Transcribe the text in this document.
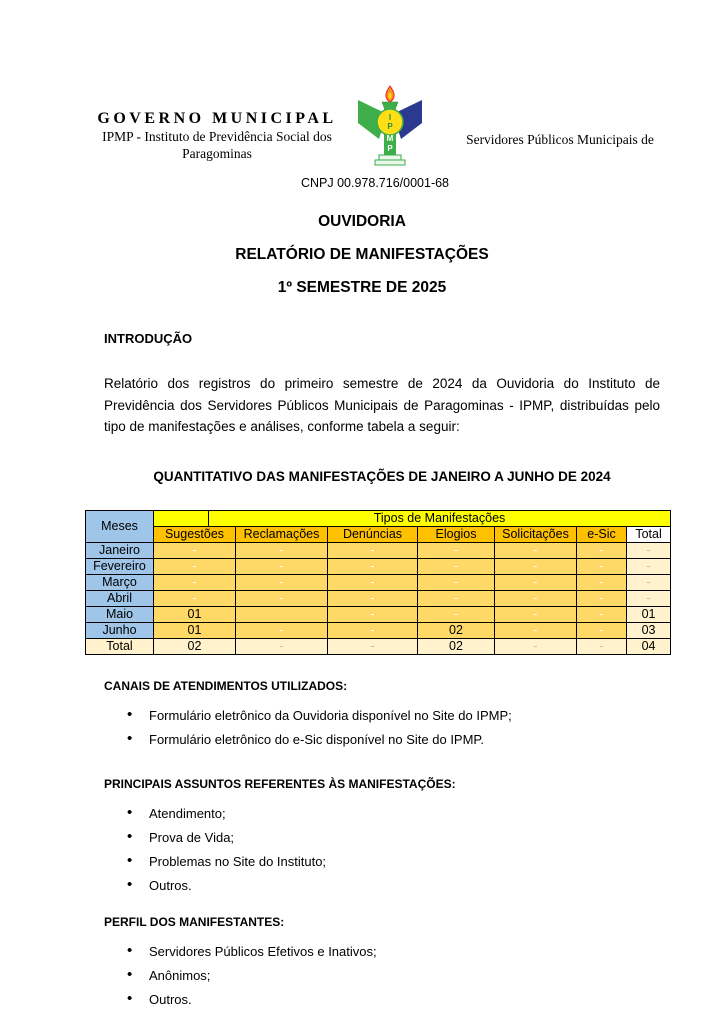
GOVERNO MUNICIPAL
IPMP - Instituto de Previdência Social dos
Paragominas
I
P
M
P
Servidores Públicos Municipais de
CNPJ 00.978.716/0001-68
OUVIDORIA
RELATÓRIO DE MANIFESTAÇÕES
1º SEMESTRE DE 2025
INTRODUÇÃO
Relatório dos registros do primeiro semestre de 2024 da Ouvidoria do Instituto de Previdência dos Servidores Públicos Municipais de Paragominas - IPMP, distribuídas pelo tipo de manifestações e análises, conforme tabela a seguir:
QUANTITATIVO DAS MANIFESTAÇÕES DE JANEIRO A JUNHO DE 2024
Meses		Tipos de Manifestações						
	Sugestões		Reclamações	Denúncias	Elogios	Solicitações	e-Sic	Total
Janeiro	-		-	-	-	-	-	-
Fevereiro	-		-	-	-	-	-	-
Março	-		-	-	-	-	-	-
Abril	-		-	-	-	-	-	-
Maio	01			-	-	-	-	01
Junho	01		-	-	02	-	-	03
Total	02		-	-	02	-	-	04
CANAIS DE ATENDIMENTOS UTILIZADOS:
• Formulário eletrônico da Ouvidoria disponível no Site do IPMP;
• Formulário eletrônico do e-Sic disponível no Site do IPMP.
PRINCIPAIS ASSUNTOS REFERENTES ÀS MANIFESTAÇÕES:
• Atendimento;
• Prova de Vida;
• Problemas no Site do Instituto;
• Outros.
PERFIL DOS MANIFESTANTES:
• Servidores Públicos Efetivos e Inativos;
• Anônimos;
• Outros.
